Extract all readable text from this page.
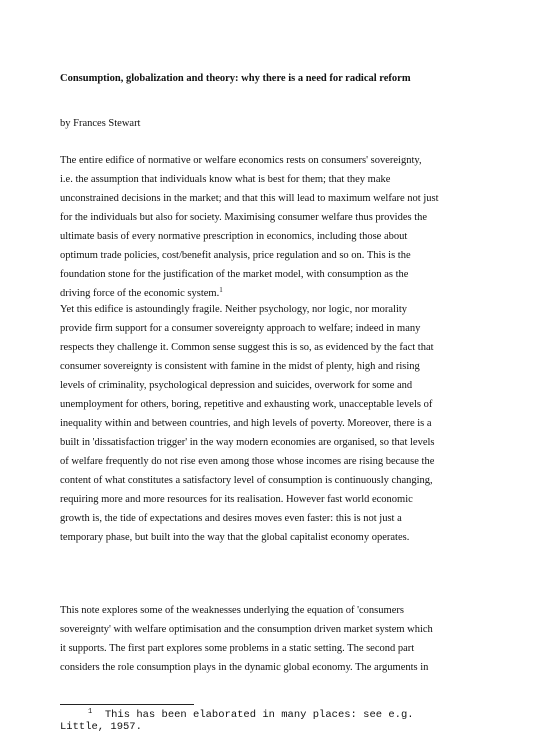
Consumption, globalization and theory: why there is a need for radical reform
by Frances Stewart
The entire edifice of normative or welfare economics rests on consumers' sovereignty,
i.e. the assumption that individuals know what is best for them; that they make
unconstrained decisions in the market; and that this will lead to maximum welfare not just
for the individuals but also for society. Maximising consumer welfare thus provides the
ultimate basis of every normative prescription in economics, including those about
optimum trade policies, cost/benefit analysis, price regulation and so on. This is the
foundation stone for the justification of the market model, with consumption as the
driving force of the economic system.$^1$
Yet this edifice is astoundingly fragile. Neither psychology, nor logic, nor morality
provide firm support for a consumer sovereignty approach to welfare; indeed in many
respects they challenge it. Common sense suggest this is so, as evidenced by the fact that
consumer sovereignty is consistent with famine in the midst of plenty, high and rising
levels of criminality, psychological depression and suicides, overwork for some and
unemployment for others, boring, repetitive and exhausting work, unacceptable levels of
inequality within and between countries, and high levels of poverty. Moreover, there is a
built in 'dissatisfaction trigger' in the way modern economies are organised, so that levels
of welfare frequently do not rise even among those whose incomes are rising because the
content of what constitutes a satisfactory level of consumption is continuously changing,
requiring more and more resources for its realisation. However fast world economic
growth is, the tide of expectations and desires moves even faster: this is not just a
temporary phase, but built into the way that the global capitalist economy operates.
This note explores some of the weaknesses underlying the equation of 'consumers
sovereignty' with welfare optimisation and the consumption driven market system which
it supports. The first part explores some problems in a static setting. The second part
considers the role consumption plays in the dynamic global economy. The arguments in
$^1$ This has been elaborated in many places: see e.g.
Little, 1957.
